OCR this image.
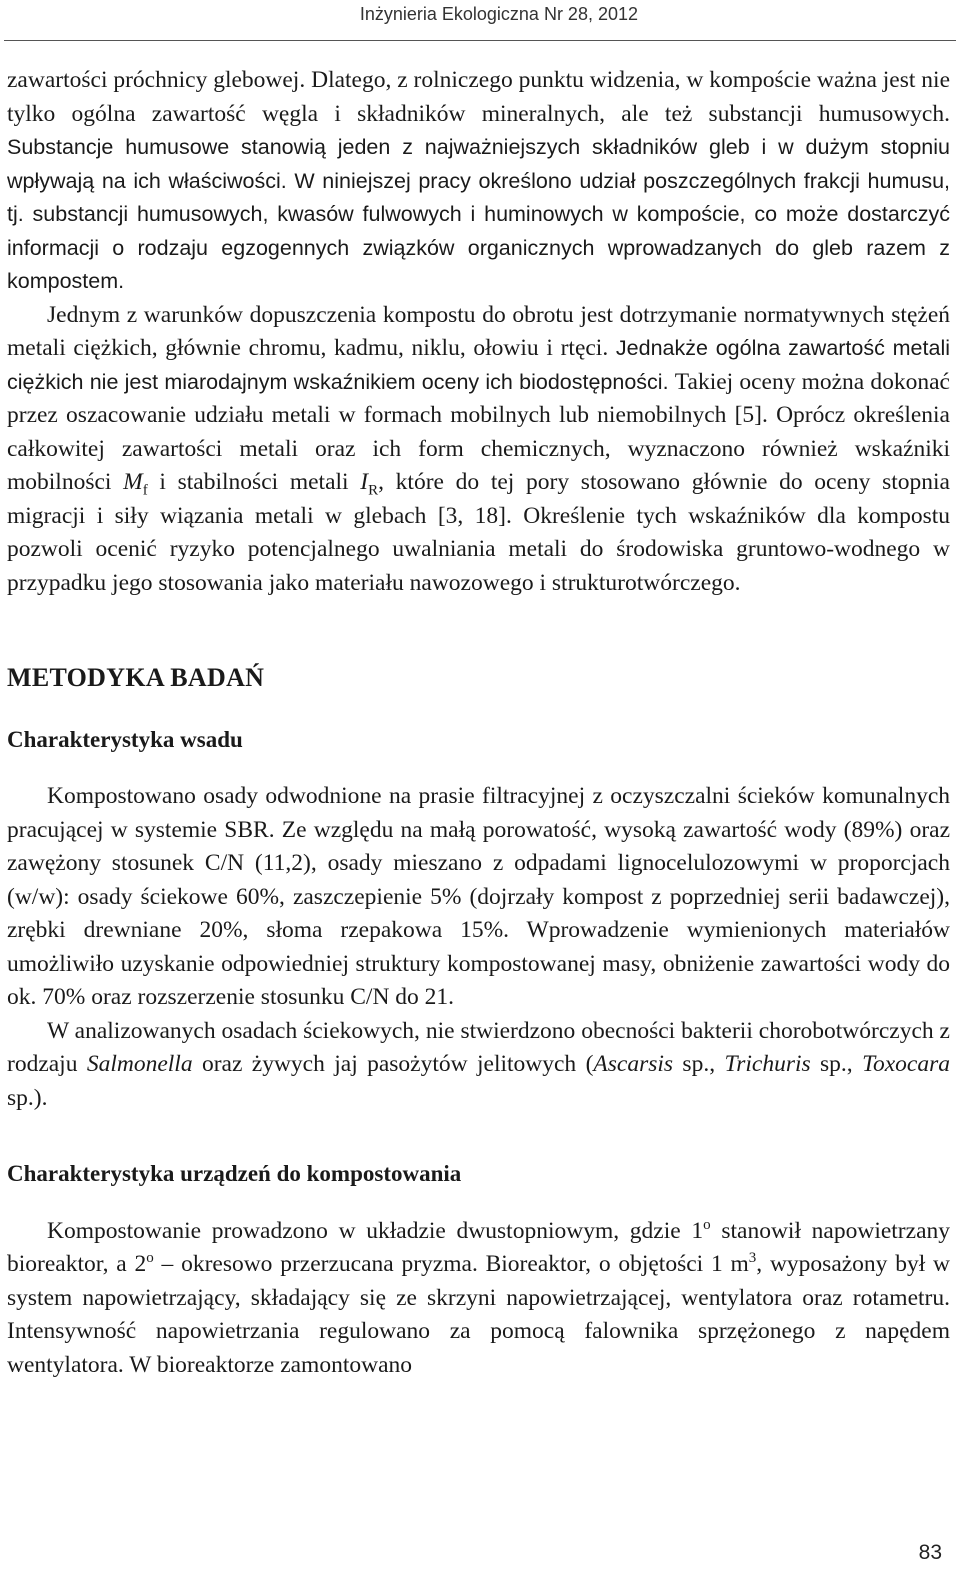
Inżynieria Ekologiczna Nr 28, 2012

zawartości próchnicy glebowej. Dlatego, z rolniczego punktu widzenia, w kompoście ważna jest nie tylko ogólna zawartość węgla i składników mineralnych, ale też substancji humusowych. Substancje humusowe stanowią jeden z najważniejszych składników gleb i w dużym stopniu wpływają na ich właściwości. W niniejszej pracy określono udział poszczególnych frakcji humusu, tj. substancji humusowych, kwasów fulwowych i huminowych w kompoście, co może dostarczyć informacji o rodzaju egzogennych związków organicznych wprowadzanych do gleb razem z kompostem.

Jednym z warunków dopuszczenia kompostu do obrotu jest dotrzymanie normatywnych stężeń metali ciężkich, głównie chromu, kadmu, niklu, ołowiu i rtęci. Jednakże ogólna zawartość metali ciężkich nie jest miarodajnym wskaźnikiem oceny ich biodostępności. Takiej oceny można dokonać przez oszacowanie udziału metali w formach mobilnych lub niemobilnych [5]. Oprócz określenia całkowitej zawartości metali oraz ich form chemicznych, wyznaczono również wskaźniki mobilności $M_f$ i stabilności metali $I_R$, które do tej pory stosowano głównie do oceny stopnia migracji i siły wiązania metali w glebach [3, 18]. Określenie tych wskaźników dla kompostu pozwoli ocenić ryzyko potencjalnego uwalniania metali do środowiska gruntowo-wodnego w przypadku jego stosowania jako materiału nawozowego i strukturotwórczego.

METODYKA BADAŃ
Charakterystyka wsadu

Kompostowano osady odwodnione na prasie filtracyjnej z oczyszczalni ścieków komunalnych pracującej w systemie SBR. Ze względu na małą porowatość, wysoką zawartość wody (89%) oraz zawężony stosunek C/N (11,2), osady mieszano z odpadami lignocelulozowymi w proporcjach (w/w): osady ściekowe 60%, zaszczepienie 5% (dojrzały kompost z poprzedniej serii badawczej), zrębki drewniane 20%, słoma rzepakowa 15%. Wprowadzenie wymienionych materiałów umożliwiło uzyskanie odpowiedniej struktury kompostowanej masy, obniżenie zawartości wody do ok. 70% oraz rozszerzenie stosunku C/N do 21.

W analizowanych osadach ściekowych, nie stwierdzono obecności bakterii chorobotwórczych z rodzaju Salmonella oraz żywych jaj pasożytów jelitowych (Ascarsis sp., Trichuris sp., Toxocara sp.).

Charakterystyka urządzeń do kompostowania

Kompostowanie prowadzono w układzie dwustopniowym, gdzie 1$^o$ stanowił napowietrzany bioreaktor, a 2$^o$ – okresowo przerzucana pryzma. Bioreaktor, o objętości 1 $m^3$, wyposażony był w system napowietrzający, składający się ze skrzyni napowietrzającej, wentylatora oraz rotametru. Intensywność napowietrzania regulowano za pomocą falownika sprzężonego z napędem wentylatora. W bioreaktorze zamontowano

83
